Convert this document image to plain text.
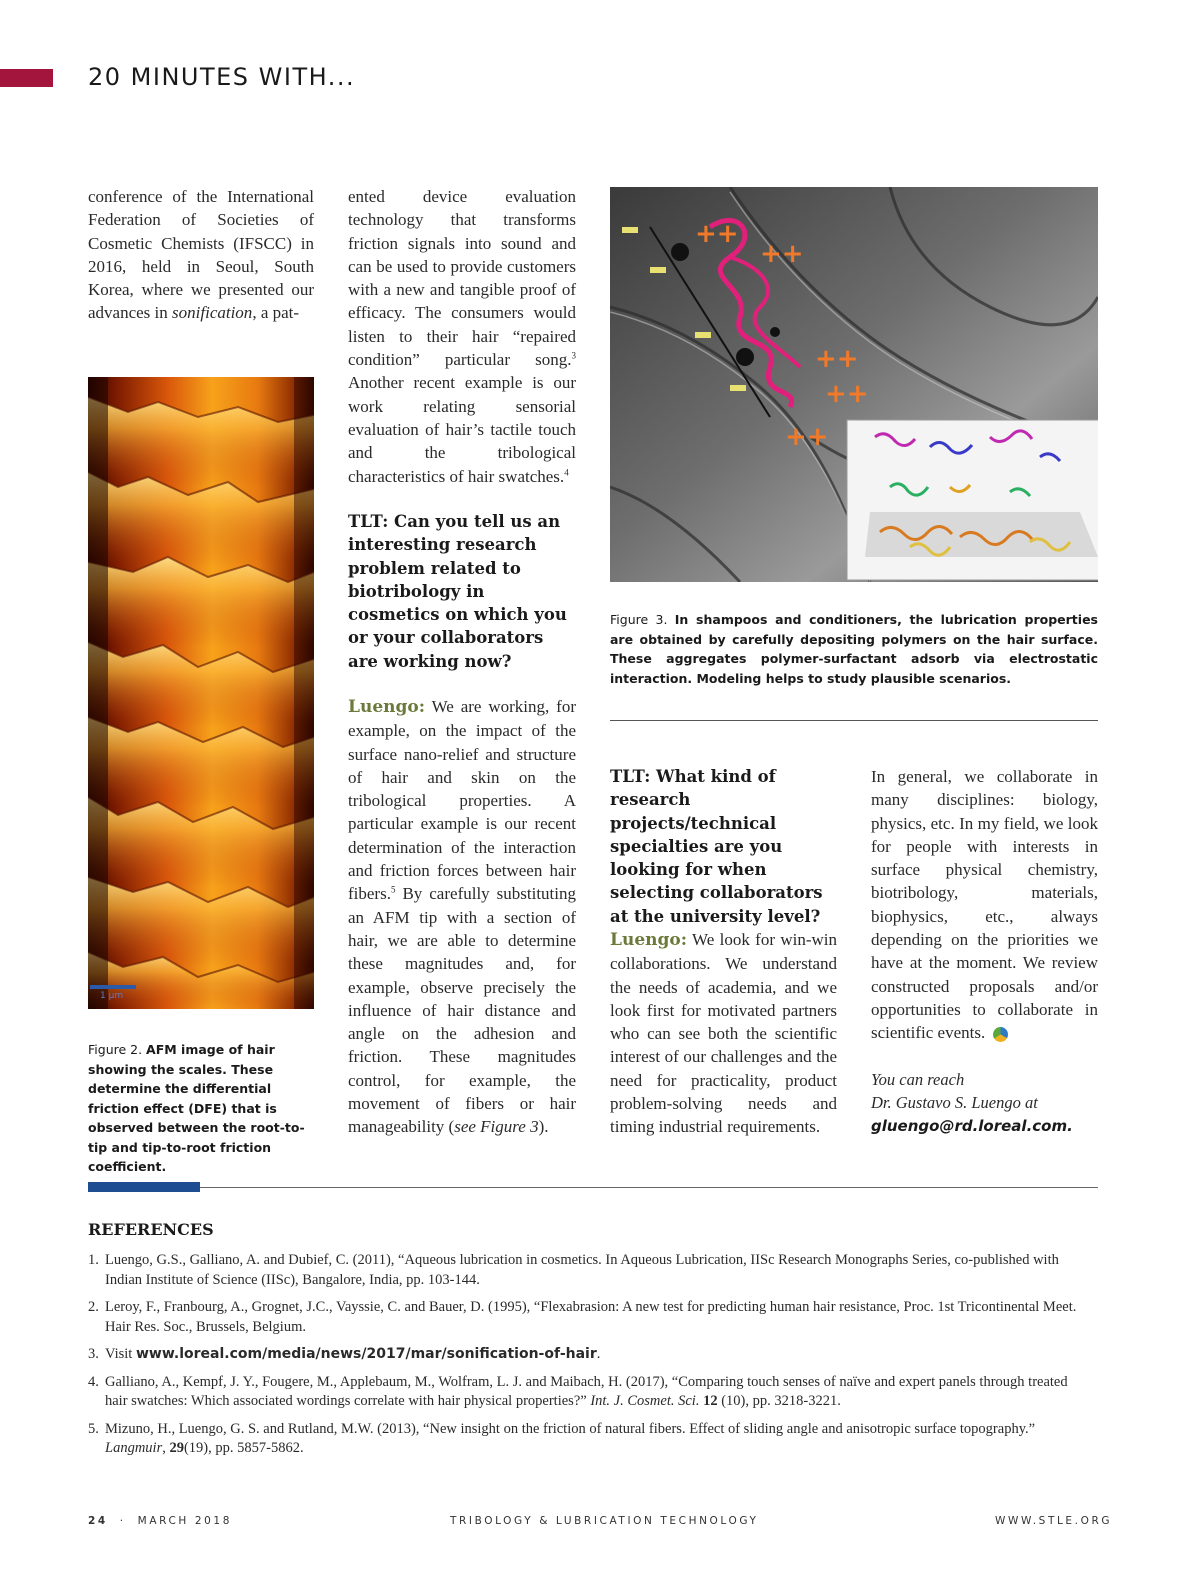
20 MINUTES WITH...
conference of the International Federation of Societies of Cosmetic Chemists (IFSCC) in 2016, held in Seoul, South Korea, where we presented our advances in sonification, a pat-
1 µm
Figure 2. AFM image of hair showing the scales. These determine the differential friction effect (DFE) that is observed between the root-to-tip and tip-to-root friction coefficient.
ented device evaluation technology that transforms friction signals into sound and can be used to provide customers with a new and tangible proof of efficacy. The consumers would listen to their hair “repaired condition” particular song.$^3$ Another recent example is our work relating sensorial evaluation of hair’s tactile touch and the tribological characteristics of hair swatches.$^4$
TLT: Can you tell us an interesting research problem related to biotribology in cosmetics on which you or your collaborators are working now?
Luengo: We are working, for example, on the impact of the surface nano-relief and structure of hair and skin on the tribological properties. A particular example is our recent determination of the interaction and friction forces between hair fibers.$^5$ By carefully substituting an AFM tip with a section of hair, we are able to determine these magnitudes and, for example, observe precisely the influence of hair distance and angle on the adhesion and friction. These magnitudes control, for example, the movement of fibers or hair manageability (see Figure 3).
++
++
++
++
++
Figure 3. In shampoos and conditioners, the lubrication properties are obtained by carefully depositing polymers on the hair surface. These aggregates polymer-surfactant adsorb via electrostatic interaction. Modeling helps to study plausible scenarios.
TLT: What kind of research projects/technical specialties are you looking for when selecting collaborators at the university level?
Luengo: We look for win-win collaborations. We understand the needs of academia, and we look first for motivated partners who can see both the scientific interest of our challenges and the need for practicality, product problem-solving needs and timing industrial requirements.
In general, we collaborate in many disciplines: biology, physics, etc. In my field, we look for people with interests in surface physical chemistry, biotribology, materials, biophysics, etc., always depending on the priorities we have at the moment. We review constructed proposals and/or opportunities to collaborate in scientific events.
You can reach
Dr. Gustavo S. Luengo at
gluengo@rd.loreal.com.
REFERENCES
1. Luengo, G.S., Galliano, A. and Dubief, C. (2011), “Aqueous lubrication in cosmetics. In Aqueous Lubrication, IISc Research Monographs Series, co-published with Indian Institute of Science (IISc), Bangalore, India, pp. 103-144.
2. Leroy, F., Franbourg, A., Grognet, J.C., Vayssie, C. and Bauer, D. (1995), “Flexabrasion: A new test for predicting human hair resistance, Proc. 1st Tricontinental Meet. Hair Res. Soc., Brussels, Belgium.
3. Visit www.loreal.com/media/news/2017/mar/sonification-of-hair.
4. Galliano, A., Kempf, J. Y., Fougere, M., Applebaum, M., Wolfram, L. J. and Maibach, H. (2017), “Comparing touch senses of naïve and expert panels through treated hair swatches: Which associated wordings correlate with hair physical properties?” Int. J. Cosmet. Sci. 12 (10), pp. 3218-3221.
5. Mizuno, H., Luengo, G. S. and Rutland, M.W. (2013), “New insight on the friction of natural fibers. Effect of sliding angle and anisotropic surface topography.” Langmuir, 29(19), pp. 5857-5862.
24 · MARCH 2018	TRIBOLOGY & LUBRICATION TECHNOLOGY	WWW.STLE.ORG
